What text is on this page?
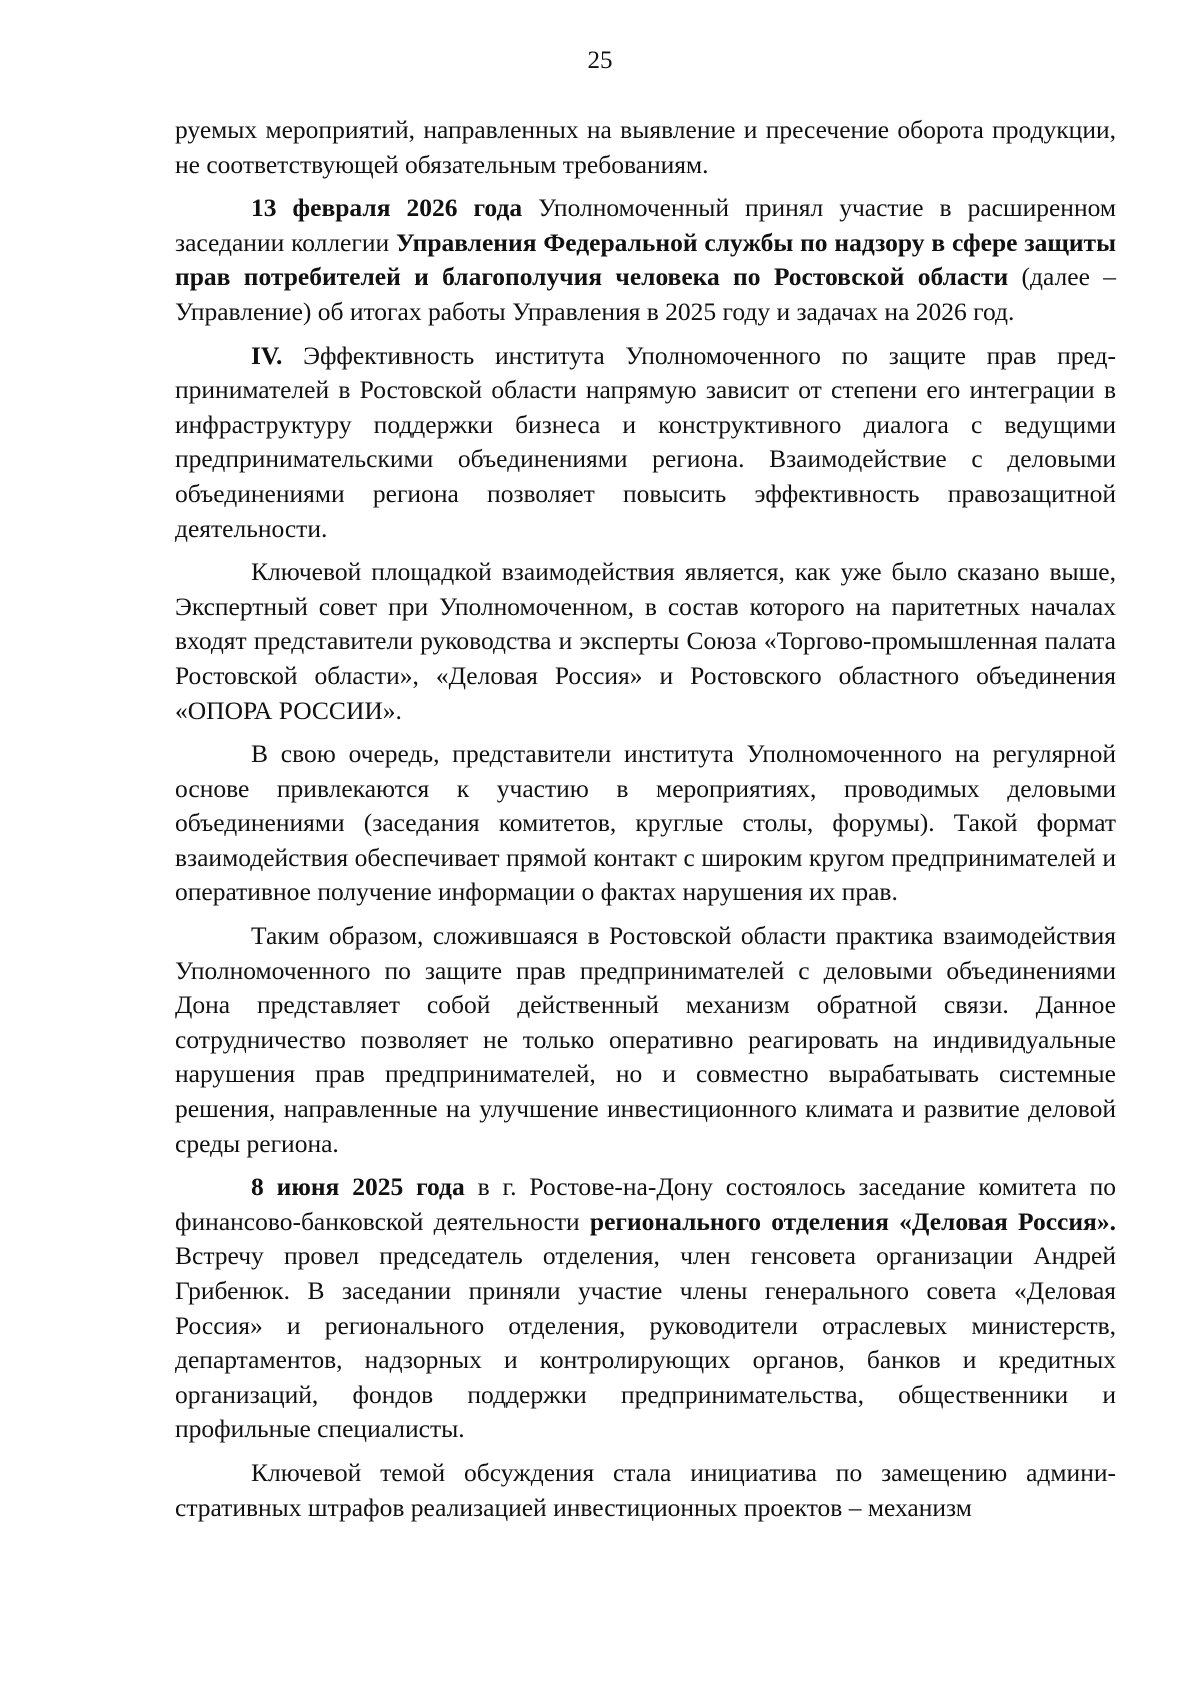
25

руемых мероприятий, направленных на выявление и пресечение оборота продукции, не соответствующей обязательным требованиям.

13 февраля 2026 года Уполномоченный принял участие в расширенном заседании коллегии Управления Федеральной службы по надзору в сфере защиты прав потребителей и благополучия человека по Ростовской области (далее – Управление) об итогах работы Управления в 2025 году и задачах на 2026 год.

IV. Эффективность института Уполномоченного по защите прав предпринимателей в Ростовской области напрямую зависит от степени его интеграции в инфраструктуру поддержки бизнеса и конструктивного диалога с ведущими предпринимательскими объединениями региона. Взаимодействие с деловыми объединениями региона позволяет повысить эффективность правозащитной деятельности.

Ключевой площадкой взаимодействия является, как уже было сказано выше, Экспертный совет при Уполномоченном, в состав которого на паритетных началах входят представители руководства и эксперты Союза «Торгово-промышленная палата Ростовской области», «Деловая Россия» и Ростовского областного объединения «ОПОРА РОССИИ».

В свою очередь, представители института Уполномоченного на регулярной основе привлекаются к участию в мероприятиях, проводимых деловыми объединениями (заседания комитетов, круглые столы, форумы). Такой формат взаимодействия обеспечивает прямой контакт с широким кругом предпринимателей и оперативное получение информации о фактах нарушения их прав.

Таким образом, сложившаяся в Ростовской области практика взаимодействия Уполномоченного по защите прав предпринимателей с деловыми объединениями Дона представляет собой действенный механизм обратной связи. Данное сотрудничество позволяет не только оперативно реагировать на индивидуальные нарушения прав предпринимателей, но и совместно вырабатывать системные решения, направленные на улучшение инвестиционного климата и развитие деловой среды региона.

8 июня 2025 года в г. Ростове-на-Дону состоялось заседание комитета по финансово-банковской деятельности регионального отделения «Деловая Россия». Встречу провел председатель отделения, член генсовета организации Андрей Грибенюк. В заседании приняли участие члены генерального совета «Деловая Россия» и регионального отделения, руководители отраслевых министерств, департаментов, надзорных и контролирующих органов, банков и кредитных организаций, фондов поддержки предпринимательства, общественники и профильные специалисты.

Ключевой темой обсуждения стала инициатива по замещению административных штрафов реализацией инвестиционных проектов – механизм
